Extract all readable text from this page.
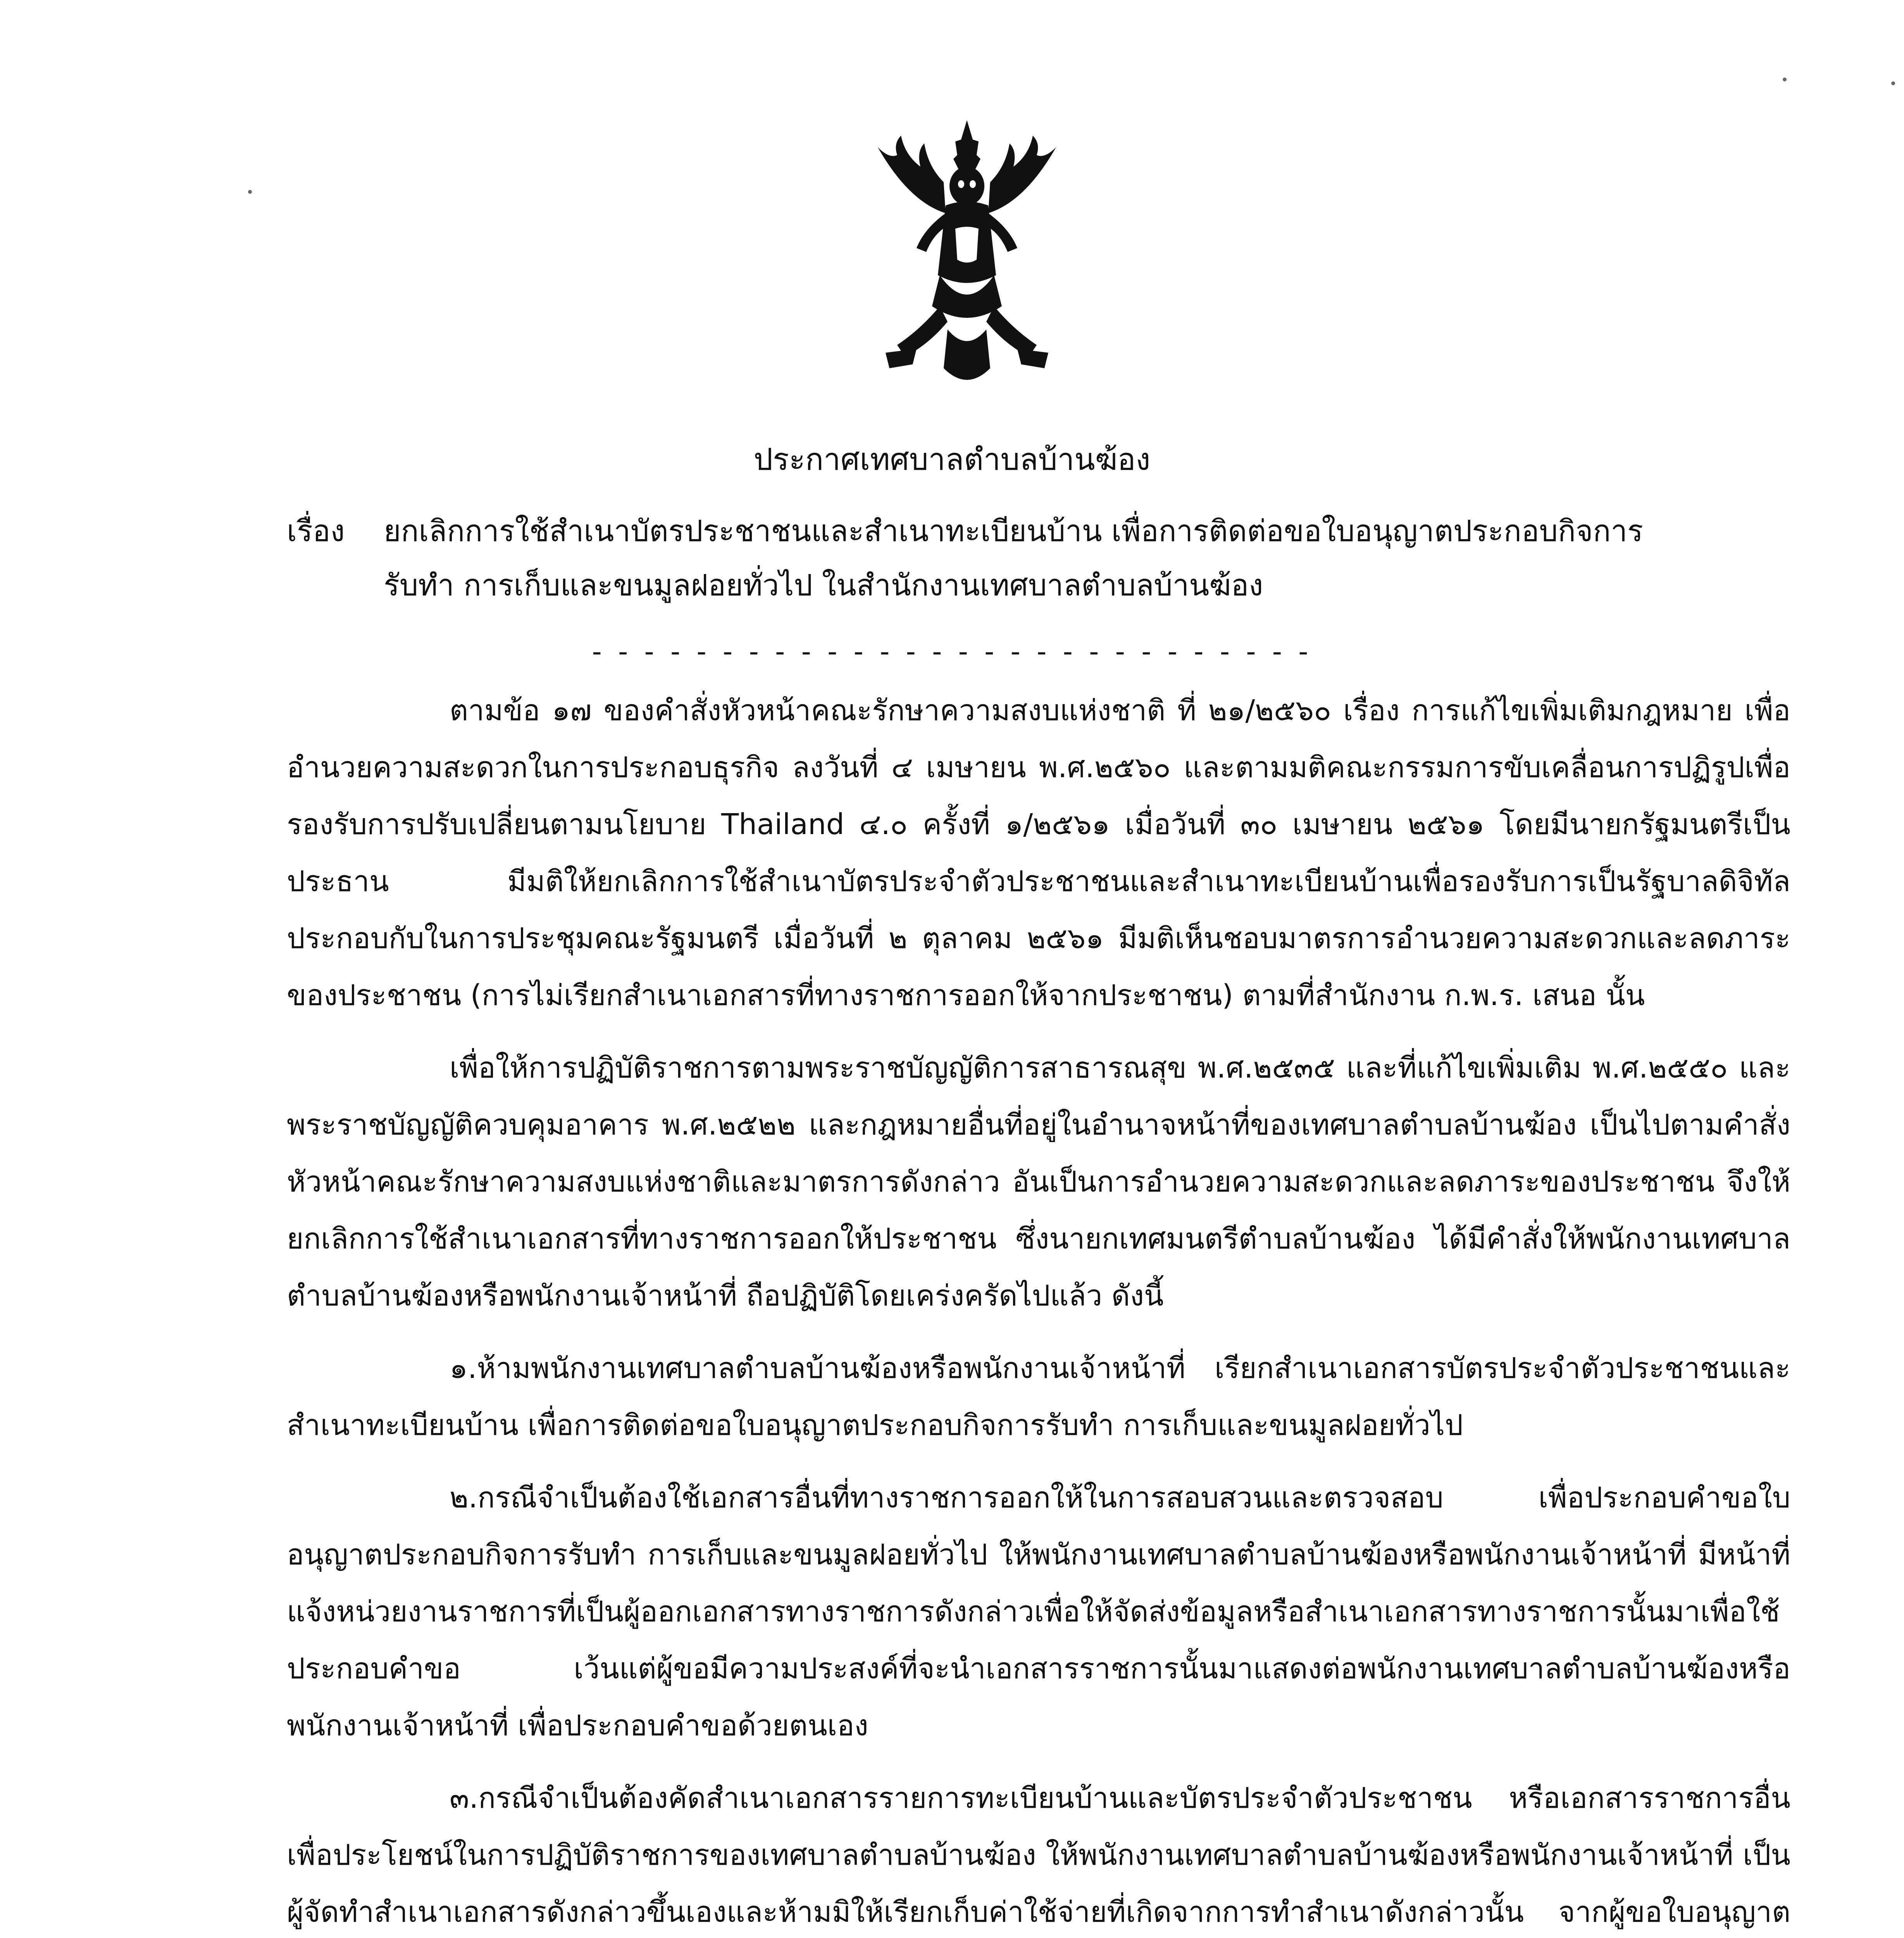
ประกาศเทศบาลตำบลบ้านฆ้อง
เรื่อง ยกเลิกการใช้สำเนาบัตรประชาชนและสำเนาทะเบียนบ้าน เพื่อการติดต่อขอใบอนุญาตประกอบกิจการ
รับทำ การเก็บและขนมูลฝอยทั่วไป ในสำนักงานเทศบาลตำบลบ้านฆ้อง
- - - - - - - - - - - - - - - - - - - - - - - - - - - -

ตามข้อ ๑๗ ของคำสั่งหัวหน้าคณะรักษาความสงบแห่งชาติ ที่ ๒๑/๒๕๖๐ เรื่อง การแก้ไขเพิ่มเติมกฎหมาย เพื่ออำนวยความสะดวกในการประกอบธุรกิจ ลงวันที่ ๔ เมษายน พ.ศ.๒๕๖๐ และตามมติคณะกรรมการขับเคลื่อนการปฏิรูปเพื่อรองรับการปรับเปลี่ยนตามนโยบาย Thailand ๔.๐ ครั้งที่ ๑/๒๕๖๑ เมื่อวันที่ ๓๐ เมษายน ๒๕๖๑ โดยมีนายกรัฐมนตรีเป็นประธาน มีมติให้ยกเลิกการใช้สำเนาบัตรประจำตัวประชาชนและสำเนาทะเบียนบ้านเพื่อรองรับการเป็นรัฐบาลดิจิทัล ประกอบกับในการประชุมคณะรัฐมนตรี เมื่อวันที่ ๒ ตุลาคม ๒๕๖๑ มีมติเห็นชอบมาตรการอำนวยความสะดวกและลดภาระของประชาชน (การไม่เรียกสำเนาเอกสารที่ทางราชการออกให้จากประชาชน) ตามที่สำนักงาน ก.พ.ร. เสนอ นั้น

เพื่อให้การปฏิบัติราชการตามพระราชบัญญัติการสาธารณสุข พ.ศ.๒๕๓๕ และที่แก้ไขเพิ่มเติม พ.ศ.๒๕๕๐ และพระราชบัญญัติควบคุมอาคาร พ.ศ.๒๕๒๒ และกฎหมายอื่นที่อยู่ในอำนาจหน้าที่ของเทศบาลตำบลบ้านฆ้อง เป็นไปตามคำสั่งหัวหน้าคณะรักษาความสงบแห่งชาติและมาตรการดังกล่าว อันเป็นการอำนวยความสะดวกและลดภาระของประชาชน จึงให้ยกเลิกการใช้สำเนาเอกสารที่ทางราชการออกให้ประชาชน ซึ่งนายกเทศมนตรีตำบลบ้านฆ้อง ได้มีคำสั่งให้พนักงานเทศบาลตำบลบ้านฆ้องหรือพนักงานเจ้าหน้าที่ ถือปฏิบัติโดยเคร่งครัดไปแล้ว ดังนี้

๑.ห้ามพนักงานเทศบาลตำบลบ้านฆ้องหรือพนักงานเจ้าหน้าที่ เรียกสำเนาเอกสารบัตรประจำตัวประชาชนและสำเนาทะเบียนบ้าน เพื่อการติดต่อขอใบอนุญาตประกอบกิจการรับทำ การเก็บและขนมูลฝอยทั่วไป

๒.กรณีจำเป็นต้องใช้เอกสารอื่นที่ทางราชการออกให้ในการสอบสวนและตรวจสอบ เพื่อประกอบคำขอใบอนุญาตประกอบกิจการรับทำ การเก็บและขนมูลฝอยทั่วไป ให้พนักงานเทศบาลตำบลบ้านฆ้องหรือพนักงานเจ้าหน้าที่ มีหน้าที่แจ้งหน่วยงานราชการที่เป็นผู้ออกเอกสารทางราชการดังกล่าวเพื่อให้จัดส่งข้อมูลหรือสำเนาเอกสารทางราชการนั้นมาเพื่อใช้ประกอบคำขอ เว้นแต่ผู้ขอมีความประสงค์ที่จะนำเอกสารราชการนั้นมาแสดงต่อพนักงานเทศบาลตำบลบ้านฆ้องหรือพนักงานเจ้าหน้าที่ เพื่อประกอบคำขอด้วยตนเอง

๓.กรณีจำเป็นต้องคัดสำเนาเอกสารรายการทะเบียนบ้านและบัตรประจำตัวประชาชน หรือเอกสารราชการอื่น เพื่อประโยชน์ในการปฏิบัติราชการของเทศบาลตำบลบ้านฆ้อง ให้พนักงานเทศบาลตำบลบ้านฆ้องหรือพนักงานเจ้าหน้าที่ เป็นผู้จัดทำสำเนาเอกสารดังกล่าวขึ้นเองและห้ามมิให้เรียกเก็บค่าใช้จ่ายที่เกิดจากการทำสำเนาดังกล่าวนั้น จากผู้ขอใบอนุญาต
